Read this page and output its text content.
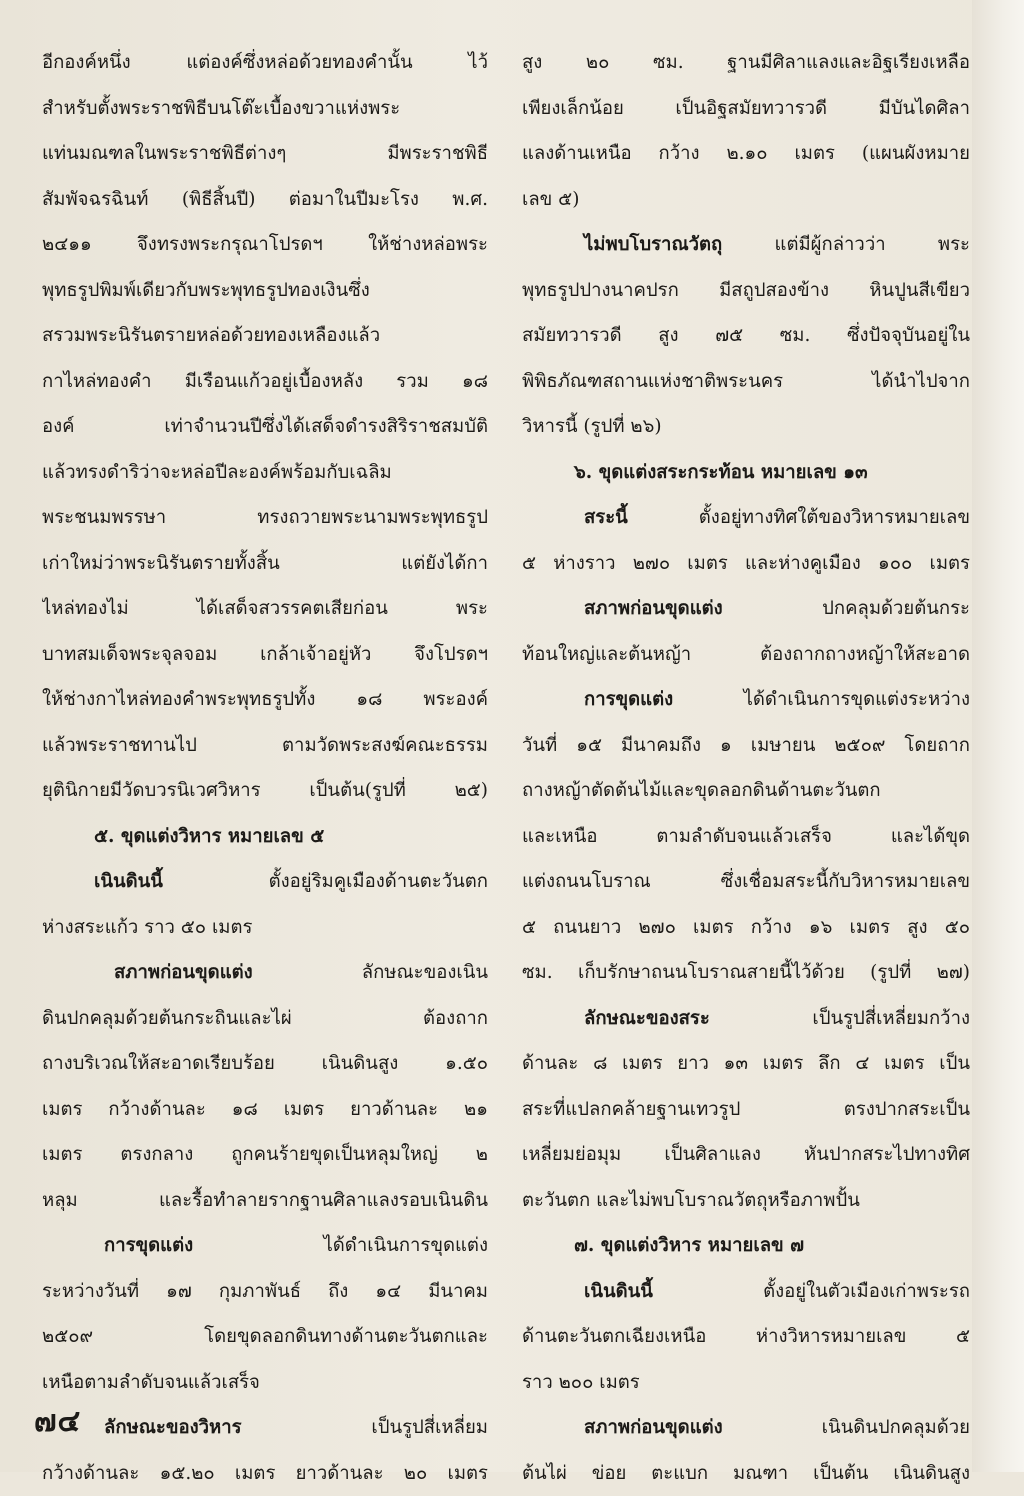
อีกองค์หนึ่ง แต่องค์ซึ่งหล่อด้วยทองคำนั้น ไว้
สำหรับตั้งพระราชพิธีบนโต๊ะเบื้องขวาแห่งพระ
แท่นมณฑลในพระราชพิธีต่างๆ มีพระราชพิธี
สัมพัจฉรฉินท์ (พิธีสิ้นปี) ต่อมาในปีมะโรง พ.ศ.
๒๔๑๑ จึงทรงพระกรุณาโปรดฯ ให้ช่างหล่อพระ
พุทธรูปพิมพ์เดียวกับพระพุทธรูปทองเงินซึ่ง
สรวมพระนิรันตรายหล่อด้วยทองเหลืองแล้ว
กาไหล่ทองคำ มีเรือนแก้วอยู่เบื้องหลัง รวม ๑๘
องค์ เท่าจำนวนปีซึ่งได้เสด็จดำรงสิริราชสมบัติ
แล้วทรงดำริว่าจะหล่อปีละองค์พร้อมกับเฉลิม
พระชนมพรรษา ทรงถวายพระนามพระพุทธรูป
เก่าใหม่ว่าพระนิรันตรายทั้งสิ้น แต่ยังได้กา
ไหล่ทองไม่ ได้เสด็จสวรรคตเสียก่อน พระ
บาทสมเด็จพระจุลจอม เกล้าเจ้าอยู่หัว จึงโปรดฯ
ให้ช่างกาไหล่ทองคำพระพุทธรูปทั้ง ๑๘ พระองค์
แล้วพระราชทานไป ตามวัดพระสงฆ์คณะธรรม
ยุตินิกายมีวัดบวรนิเวศวิหาร เป็นต้น(รูปที่ ๒๕)
๕. ขุดแต่งวิหาร หมายเลข ๕
เนินดินนี้ ตั้งอยู่ริมคูเมืองด้านตะวันตก
ห่างสระแก้ว ราว ๕๐ เมตร
สภาพก่อนขุดแต่ง ลักษณะของเนิน
ดินปกคลุมด้วยต้นกระถินและไผ่ ต้องถาก
ถางบริเวณให้สะอาดเรียบร้อย เนินดินสูง ๑.๕๐
เมตร กว้างด้านละ ๑๘ เมตร ยาวด้านละ ๒๑
เมตร ตรงกลาง ถูกคนร้ายขุดเป็นหลุมใหญ่ ๒
หลุม และรื้อทำลายรากฐานศิลาแลงรอบเนินดิน
การขุดแต่ง ได้ดำเนินการขุดแต่ง
ระหว่างวันที่ ๑๗ กุมภาพันธ์ ถึง ๑๔ มีนาคม
๒๕๐๙ โดยขุดลอกดินทางด้านตะวันตกและ
เหนือตามลำดับจนแล้วเสร็จ
ลักษณะของวิหาร เป็นรูปสี่เหลี่ยม
กว้างด้านละ ๑๕.๒๐ เมตร ยาวด้านละ ๒๐ เมตร
สูง ๒๐ ซม. ฐานมีศิลาแลงและอิฐเรียงเหลือ
เพียงเล็กน้อย เป็นอิฐสมัยทวารวดี มีบันไดศิลา
แลงด้านเหนือ กว้าง ๒.๑๐ เมตร (แผนผังหมาย
เลข ๕)
ไม่พบโบราณวัตถุ แต่มีผู้กล่าวว่า พระ
พุทธรูปปางนาคปรก มีสถูปสองข้าง หินปูนสีเขียว
สมัยทวารวดี สูง ๗๕ ซม. ซึ่งปัจจุบันอยู่ใน
พิพิธภัณฑสถานแห่งชาติพระนคร ได้นำไปจาก
วิหารนี้ (รูปที่ ๒๖)
๖. ขุดแต่งสระกระท้อน หมายเลข ๑๓
สระนี้ ตั้งอยู่ทางทิศใต้ของวิหารหมายเลข
๕ ห่างราว ๒๗๐ เมตร และห่างคูเมือง ๑๐๐ เมตร
สภาพก่อนขุดแต่ง ปกคลุมด้วยต้นกระ
ท้อนใหญ่และต้นหญ้า ต้องถากถางหญ้าให้สะอาด
การขุดแต่ง ได้ดำเนินการขุดแต่งระหว่าง
วันที่ ๑๕ มีนาคมถึง ๑ เมษายน ๒๕๐๙ โดยถาก
ถางหญ้าตัดต้นไม้และขุดลอกดินด้านตะวันตก
และเหนือ ตามลำดับจนแล้วเสร็จ และได้ขุด
แต่งถนนโบราณ ซึ่งเชื่อมสระนี้กับวิหารหมายเลข
๕ ถนนยาว ๒๗๐ เมตร กว้าง ๑๖ เมตร สูง ๕๐
ซม. เก็บรักษาถนนโบราณสายนี้ไว้ด้วย (รูปที่ ๒๗)
ลักษณะของสระ เป็นรูปสี่เหลี่ยมกว้าง
ด้านละ ๘ เมตร ยาว ๑๓ เมตร ลึก ๔ เมตร เป็น
สระที่แปลกคล้ายฐานเทวรูป ตรงปากสระเป็น
เหลี่ยมย่อมุม เป็นศิลาแลง หันปากสระไปทางทิศ
ตะวันตก และไม่พบโบราณวัตถุหรือภาพปั้น
๗. ขุดแต่งวิหาร หมายเลข ๗
เนินดินนี้ ตั้งอยู่ในตัวเมืองเก่าพระรถ
ด้านตะวันตกเฉียงเหนือ ห่างวิหารหมายเลข ๕
ราว ๒๐๐ เมตร
สภาพก่อนขุดแต่ง เนินดินปกคลุมด้วย
ต้นไผ่ ข่อย ตะแบก มณฑา เป็นต้น เนินดินสูง
๗๔
